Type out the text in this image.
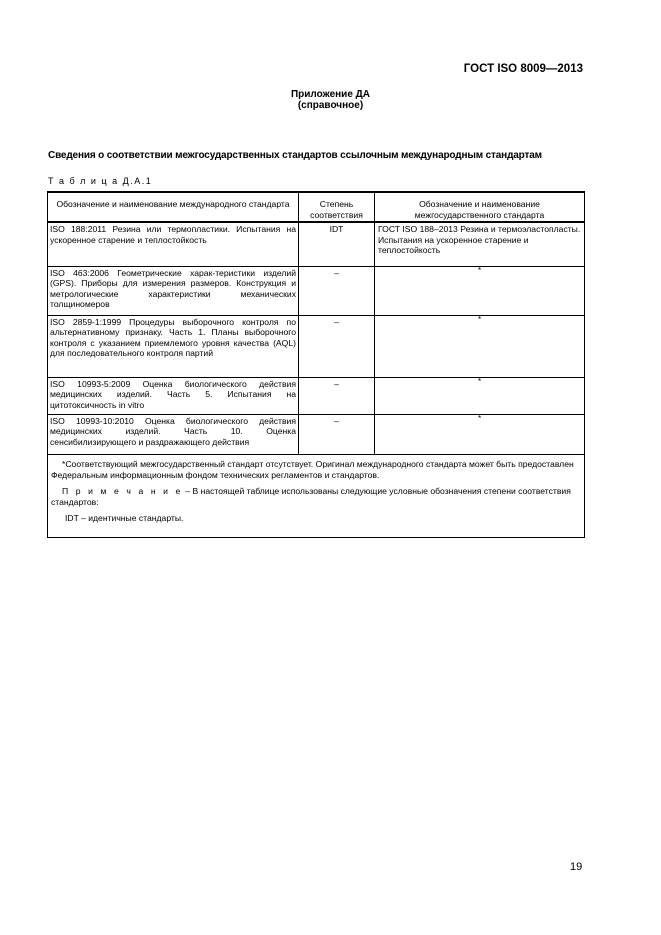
ГОСТ ISO 8009—2013
Приложение ДА
(справочное)
Сведения о соответствии межгосударственных стандартов ссылочным международным стандартам
Т а б л и ц а Д.А.1
Обозначение и наименование международного стандарта	Степень соответствия	Обозначение и наименование межгосударственного стандарта
ISO 188:2011 Резина или термопластики. Испытания на ускоренное старение и теплостойкость	IDT	ГОСТ ISO 188–2013 Резина и термоэластопласты. Испытания на ускоренное старение и теплостойкость
ISO 463:2006 Геометрические харак-теристики изделий (GPS). Приборы для измерения размеров. Конструкция и метрологические характеристики механических толщиномеров	–	*
ISO 2859-1:1999 Процедуры выборочного контроля по альтернативному признаку. Часть 1. Планы выборочного контроля с указанием приемлемого уровня качества (AQL) для последовательного контроля партий	–	*
ISO 10993-5:2009 Оценка биологического действия медицинских изделий. Часть 5. Испытания на цитотоксичность in vitro	–	*
ISO 10993-10:2010 Оценка биологического действия медицинских изделий. Часть 10. Оценка сенсибилизирующего и раздражающего действия	–	*

*Соответствующий межгосударственный стандарт отсутствует. Оригинал международного стандарта может быть предоставлен Федеральным информационным фондом технических регламентов и стандартов.

П р и м е ч а н и е – В настоящей таблице использованы следующие условные обозначения степени соответствия стандартов:

IDT – идентичные стандарты.		

19
